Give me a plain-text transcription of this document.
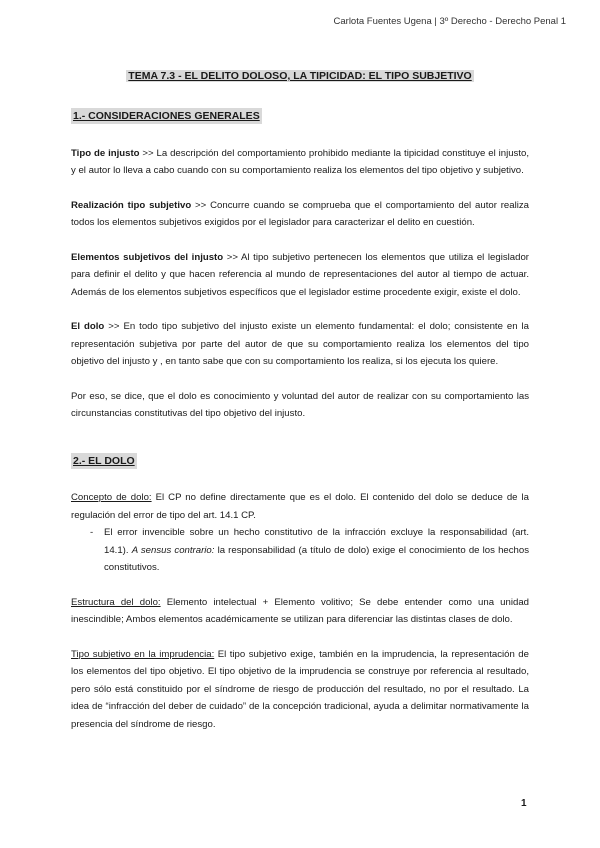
Carlota Fuentes Ugena | 3º Derecho - Derecho Penal 1
TEMA 7.3 - EL DELITO DOLOSO, LA TIPICIDAD: EL TIPO SUBJETIVO
1.- CONSIDERACIONES GENERALES

Tipo de injusto >> La descripción del comportamiento prohibido mediante la tipicidad constituye el injusto, y el autor lo lleva a cabo cuando con su comportamiento realiza los elementos del tipo objetivo y subjetivo.

Realización tipo subjetivo >> Concurre cuando se comprueba que el comportamiento del autor realiza todos los elementos subjetivos exigidos por el legislador para caracterizar el delito en cuestión.

Elementos subjetivos del injusto >> Al tipo subjetivo pertenecen los elementos que utiliza el legislador para definir el delito y que hacen referencia al mundo de representaciones del autor al tiempo de actuar. Además de los elementos subjetivos específicos que el legislador estime procedente exigir, existe el dolo.

El dolo >> En todo tipo subjetivo del injusto existe un elemento fundamental: el dolo; consistente en la representación subjetiva por parte del autor de que su comportamiento realiza los elementos del tipo objetivo del injusto y , en tanto sabe que con su comportamiento los realiza, si los ejecuta los quiere.

Por eso, se dice, que el dolo es conocimiento y voluntad del autor de realizar con su comportamiento las circunstancias constitutivas del tipo objetivo del injusto.

2.- EL DOLO

Concepto de dolo: El CP no define directamente que es el dolo. El contenido del dolo se deduce de la regulación del error de tipo del art. 14.1 CP.

-	El error invencible sobre un hecho constitutivo de la infracción excluye la responsabilidad (art. 14.1). A sensus contrario: la responsabilidad (a título de dolo) exige el conocimiento de los hechos constitutivos.

Estructura del dolo: Elemento intelectual + Elemento volitivo; Se debe entender como una unidad inescindible; Ambos elementos académicamente se utilizan para diferenciar las distintas clases de dolo.

Tipo subjetivo en la imprudencia: El tipo subjetivo exige, también en la imprudencia, la representación de los elementos del tipo objetivo. El tipo objetivo de la imprudencia se construye por referencia al resultado, pero sólo está constituido por el síndrome de riesgo de producción del resultado, no por el resultado. La idea de “infracción del deber de cuidado” de la concepción tradicional, ayuda a delimitar normativamente la presencia del síndrome de riesgo.

1
